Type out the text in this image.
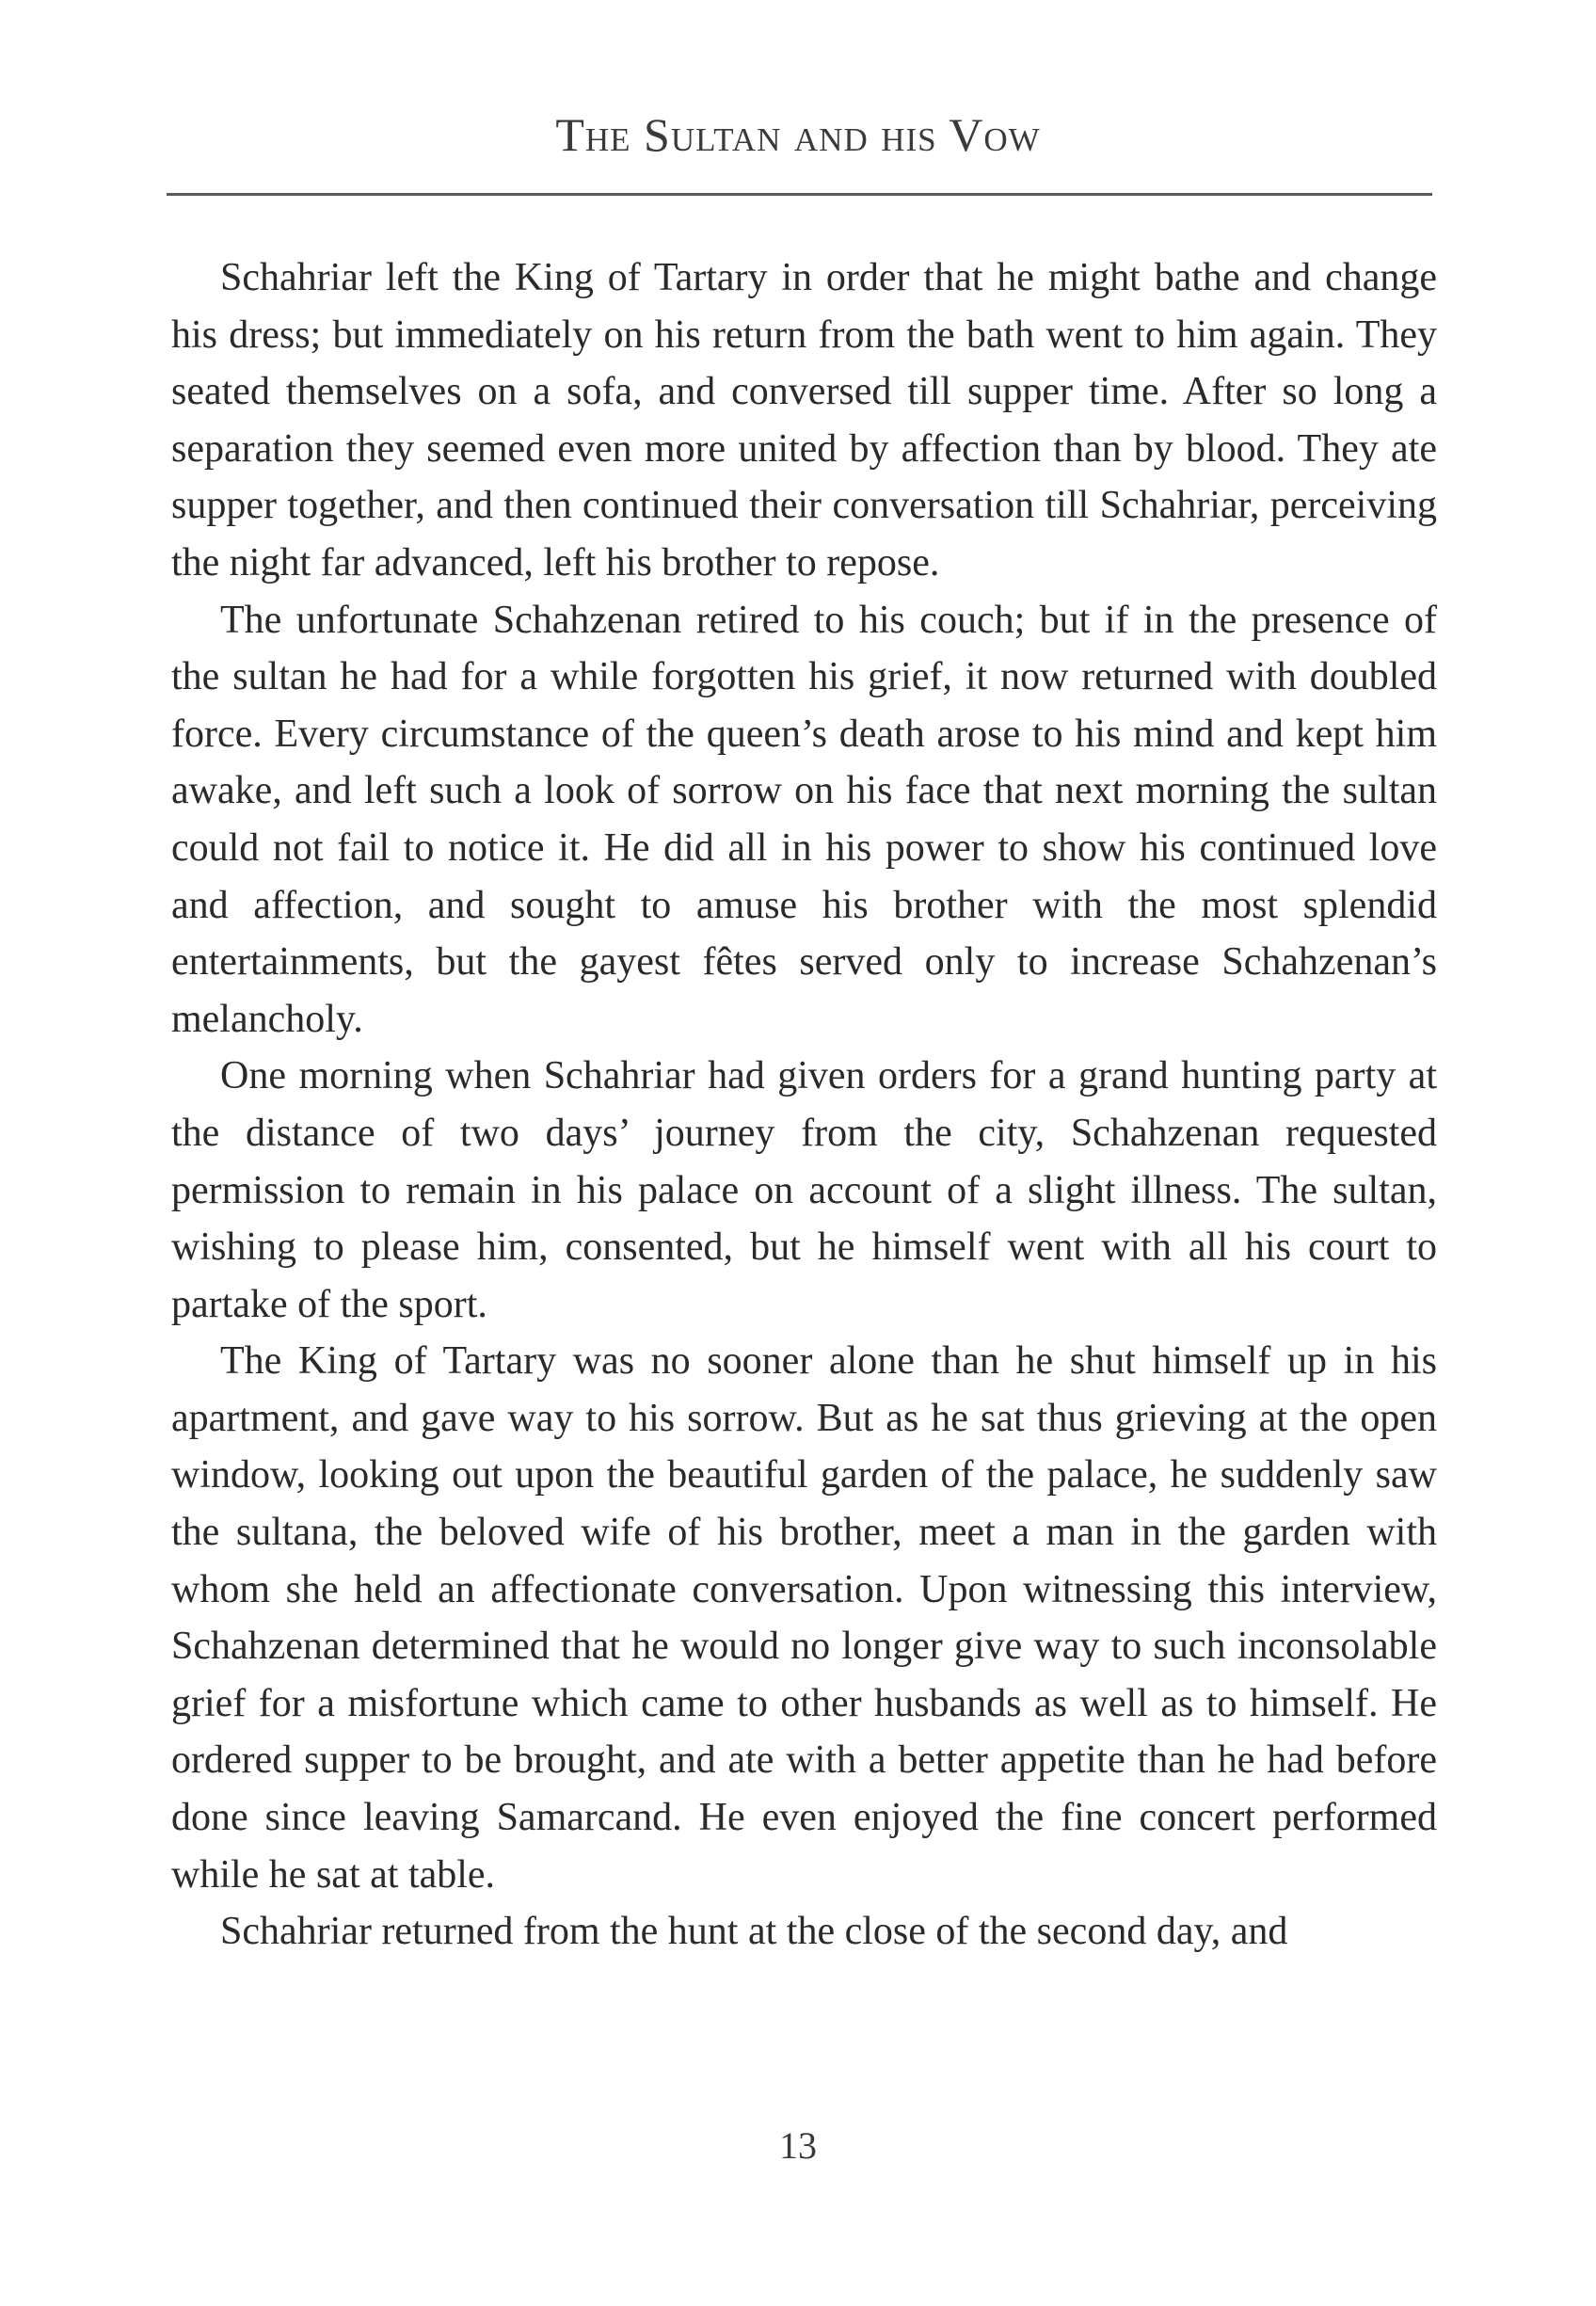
The Sultan and his Vow

Schahriar left the King of Tartary in order that he might bathe and change his dress; but immediately on his return from the bath went to him again. They seated themselves on a sofa, and conversed till supper time. After so long a separation they seemed even more united by affection than by blood. They ate supper together, and then continued their conversation till Schahriar, perceiving the night far advanced, left his brother to repose.

The unfortunate Schahzenan retired to his couch; but if in the presence of the sultan he had for a while forgotten his grief, it now returned with doubled force. Every circumstance of the queen’s death arose to his mind and kept him awake, and left such a look of sorrow on his face that next morning the sultan could not fail to notice it. He did all in his power to show his continued love and affection, and sought to amuse his brother with the most splendid entertainments, but the gayest fêtes served only to increase Schahzenan’s melancholy.

One morning when Schahriar had given orders for a grand hunting party at the distance of two days’ journey from the city, Schahzenan requested permission to remain in his palace on account of a slight illness. The sultan, wishing to please him, consented, but he himself went with all his court to partake of the sport.

The King of Tartary was no sooner alone than he shut himself up in his apartment, and gave way to his sorrow. But as he sat thus grieving at the open window, looking out upon the beautiful garden of the palace, he suddenly saw the sultana, the beloved wife of his brother, meet a man in the garden with whom she held an affectionate conversation. Upon witnessing this interview, Schahzenan determined that he would no longer give way to such inconsolable grief for a misfortune which came to other husbands as well as to himself. He ordered supper to be brought, and ate with a better appetite than he had before done since leaving Samarcand. He even enjoyed the fine concert performed while he sat at table.

Schahriar returned from the hunt at the close of the second day, and

13
